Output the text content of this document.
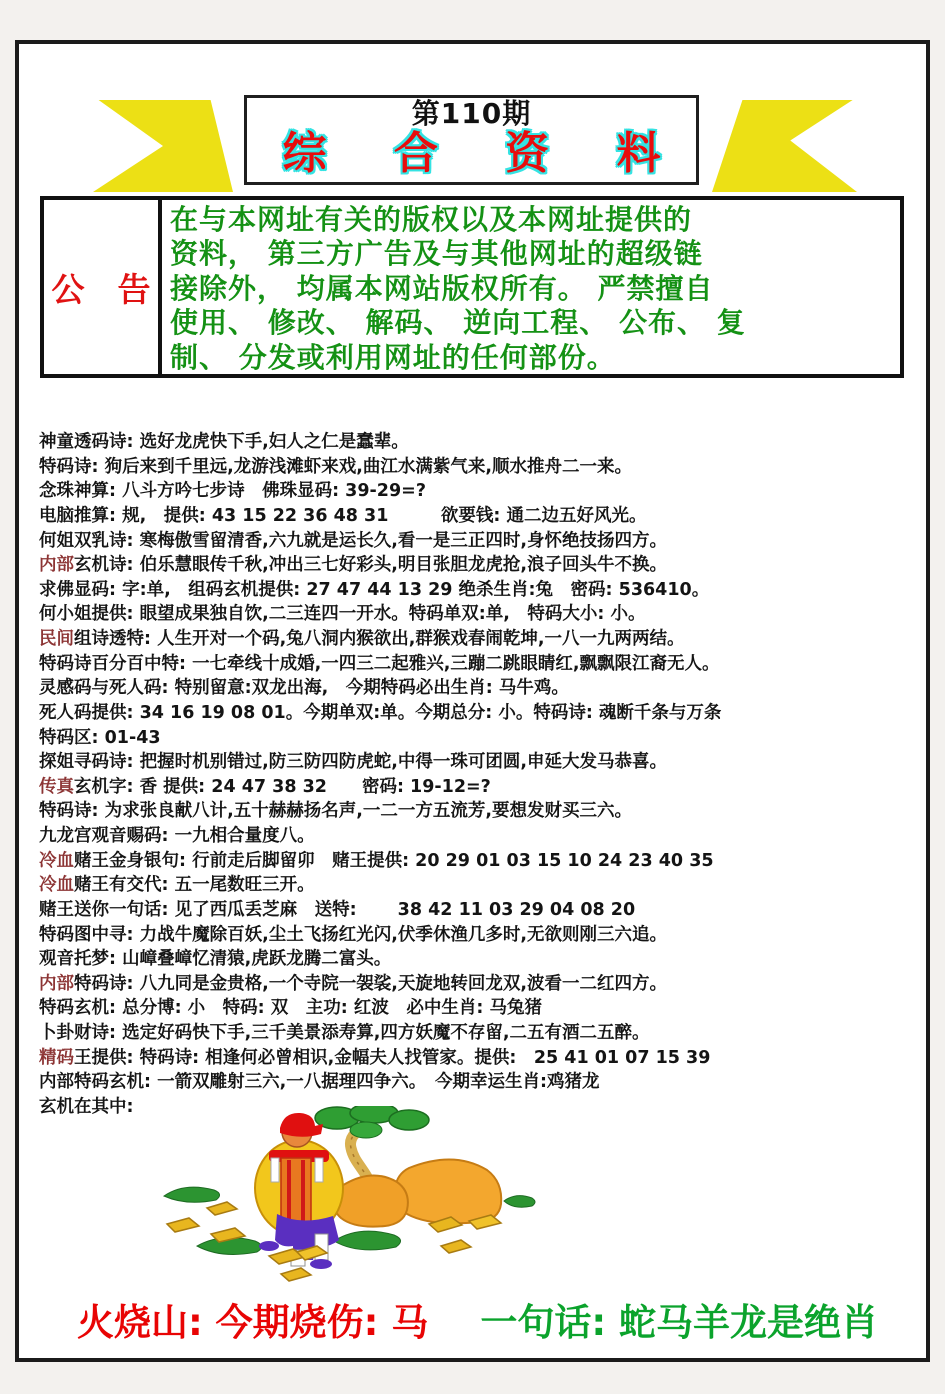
第110期
综 合 资 料
公　告
在与本网址有关的版权以及本网址提供的
资料， 第三方广告及与其他网址的超级链
接除外， 均属本网站版权所有。 严禁擅自
使用、 修改、 解码、 逆向工程、 公布、 复
制、 分发或利用网址的任何部份。
神童透码诗: 选好龙虎快下手,妇人之仁是蠢辈。
特码诗: 狗后来到千里远,龙游浅滩虾来戏,曲江水满紫气来,顺水推舟二一来。
念珠神算: 八斗方吟七步诗　佛珠显码: 39-29=?
电脑推算: 规,　提供: 43 15 22 36 48 31　　　欲要钱: 通二边五好风光。
何姐双乳诗: 寒梅傲雪留清香,六九就是运长久,看一是三正四时,身怀绝技扬四方。
内部玄机诗: 伯乐慧眼传千秋,冲出三七好彩头,明目张胆龙虎抢,浪子回头牛不换。
求佛显码: 字:单,　组码玄机提供: 27 47 44 13 29 绝杀生肖:兔　密码: 536410。
何小姐提供: 眼望成果独自饮,二三连四一开水。特码单双:单,　特码大小: 小。
民间组诗透特: 人生开对一个码,兔八洞内猴欲出,群猴戏春闹乾坤,一八一九两两结。
特码诗百分百中特: 一七牵线十成婚,一四三二起雅兴,三蹦二跳眼睛红,飘飘限江裔无人。
灵感码与死人码: 特别留意:双龙出海,　今期特码必出生肖: 马牛鸡。
死人码提供: 34 16 19 08 01。今期单双:单。今期总分: 小。特码诗: 魂断千条与万条
特码区: 01-43
探姐寻码诗: 把握时机别错过,防三防四防虎蛇,中得一珠可团圆,申延大发马恭喜。
传真玄机字: 香 提供: 24 47 38 32　　密码: 19-12=?
特码诗: 为求张良献八计,五十赫赫扬名声,一二一方五流芳,要想发财买三六。
九龙宫观音赐码: 一九相合量度八。
冷血赌王金身银句: 行前走后脚留卯　赌王提供: 20 29 01 03 15 10 24 23 40 35
冷血赌王有交代: 五一尾数旺三开。
赌王送你一句话: 见了西瓜丢芝麻　送特:　　 38 42 11 03 29 04 08 20
特码图中寻: 力战牛魔除百妖,尘土飞扬红光闪,伏季休渔几多时,无欲则刚三六追。
观音托梦: 山嶂叠嶂忆清猿,虎跃龙腾二富头。
内部特码诗: 八九同是金贵格,一个寺院一袈裟,天旋地转回龙双,波看一二红四方。
特码玄机: 总分博: 小　特码: 双　主功: 红波　必中生肖: 马兔猪
卜卦财诗: 选定好码快下手,三千美景添寿算,四方妖魔不存留,二五有酒二五醉。
精码王提供: 特码诗: 相逢何必曾相识,金幅夫人找管家。提供:　25 41 01 07 15 39
内部特码玄机: 一箭双雕射三六,一八据理四争六。　今期幸运生肖:鸡猪龙
玄机在其中:
火烧山: 今期烧伤: 马 一句话: 蛇马羊龙是绝肖
